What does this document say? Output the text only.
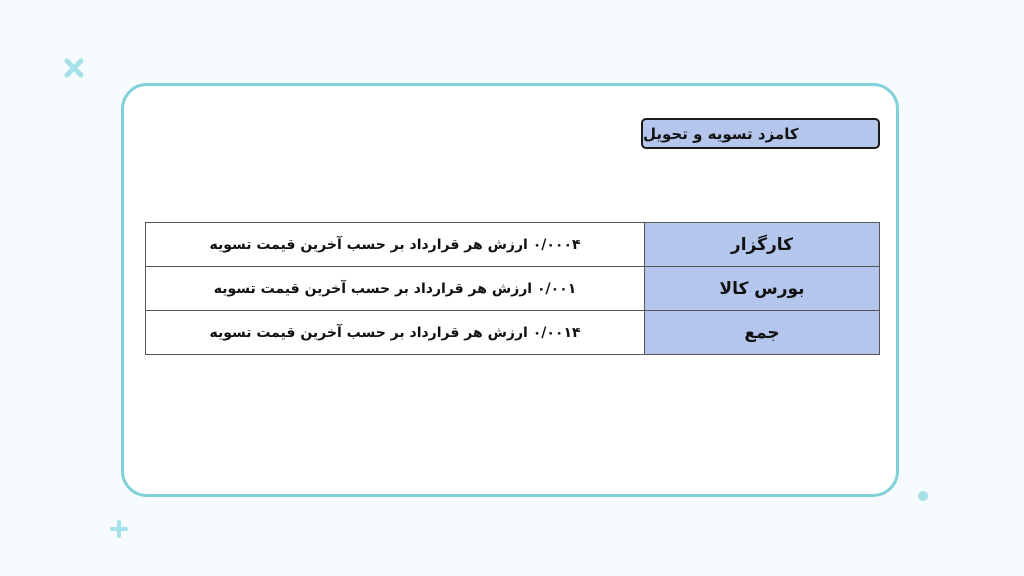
کامزد تسویه و تحویل
کارگزار	۰/۰۰۰۴ ارزش هر قرارداد بر حسب آخرین قیمت تسویه
بورس کالا	۰/۰۰۱ ارزش هر قرارداد بر حسب آخرین قیمت تسویه
جمع	۰/۰۰۱۴ ارزش هر قرارداد بر حسب آخرین قیمت تسویه
